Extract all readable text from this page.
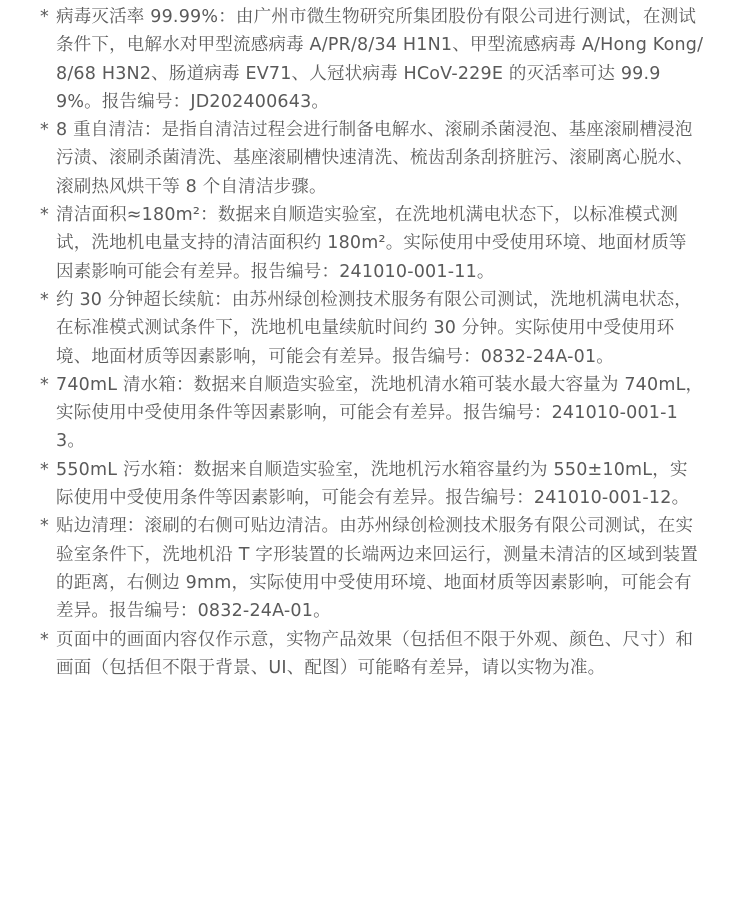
* 病毒灭活率 99.99%：由广州市微生物研究所集团股份有限公司进行测试，在测试条件下，电解水对甲型流感病毒 A/PR/8/34 H1N1、甲型流感病毒 A/Hong Kong/8/68 H3N2、肠道病毒 EV71、人冠状病毒 HCoV-229E 的灭活率可达 99.99%。报告编号：JD202400643。
* 8 重自清洁：是指自清洁过程会进行制备电解水、滚刷杀菌浸泡、基座滚刷槽浸泡污渍、滚刷杀菌清洗、基座滚刷槽快速清洗、梳齿刮条刮挤脏污、滚刷离心脱水、滚刷热风烘干等 8 个自清洁步骤。
* 清洁面积≈180m²：数据来自顺造实验室，在洗地机满电状态下，以标准模式测试，洗地机电量支持的清洁面积约 180m²。实际使用中受使用环境、地面材质等因素影响可能会有差异。报告编号：241010-001-11。
* 约 30 分钟超长续航：由苏州绿创检测技术服务有限公司测试，洗地机满电状态，在标准模式测试条件下，洗地机电量续航时间约 30 分钟。实际使用中受使用环境、地面材质等因素影响，可能会有差异。报告编号：0832-24A-01。
* 740mL 清水箱：数据来自顺造实验室，洗地机清水箱可装水最大容量为 740mL，实际使用中受使用条件等因素影响，可能会有差异。报告编号：241010-001-13。
* 550mL 污水箱：数据来自顺造实验室，洗地机污水箱容量约为 550±10mL，实际使用中受使用条件等因素影响，可能会有差异。报告编号：241010-001-12。
* 贴边清理：滚刷的右侧可贴边清洁。由苏州绿创检测技术服务有限公司测试，在实验室条件下，洗地机沿 T 字形装置的长端两边来回运行，测量未清洁的区域到装置的距离，右侧边 9mm，实际使用中受使用环境、地面材质等因素影响，可能会有差异。报告编号：0832-24A-01。
* 页面中的画面内容仅作示意，实物产品效果（包括但不限于外观、颜色、尺寸）和画面（包括但不限于背景、UI、配图）可能略有差异，请以实物为准。
